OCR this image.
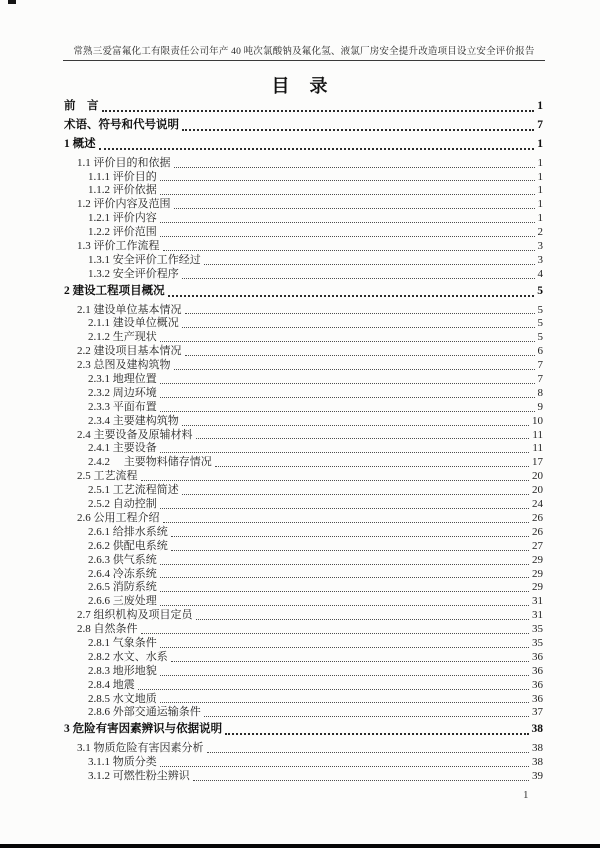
常熟三爱富氟化工有限责任公司年产 40 吨次氯酸钠及氟化氢、液氯厂房安全提升改造项目设立安全评价报告
目　录
前　言	1
术语、符号和代号说明	7
1 概述	1
1.1 评价目的和依据	1
1.1.1 评价目的	1
1.1.2 评价依据	1
1.2 评价内容及范围	1
1.2.1 评价内容	1
1.2.2 评价范围	2
1.3 评价工作流程	3
1.3.1 安全评价工作经过	3
1.3.2 安全评价程序	4
2 建设工程项目概况	5
2.1 建设单位基本情况	5
2.1.1 建设单位概况	5
2.1.2 生产现状	5
2.2 建设项目基本情况	6
2.3 总图及建构筑物	7
2.3.1 地理位置	7
2.3.2 周边环境	8
2.3.3 平面布置	9
2.3.4 主要建构筑物	10
2.4 主要设备及原辅材料	11
2.4.1 主要设备	11
2.4.2 　主要物料储存情况	17
2.5 工艺流程	20
2.5.1 工艺流程简述	20
2.5.2 自动控制	24
2.6 公用工程介绍	26
2.6.1 给排水系统	26
2.6.2 供配电系统	27
2.6.3 供气系统	29
2.6.4 冷冻系统	29
2.6.5 消防系统	29
2.6.6 三废处理	31
2.7 组织机构及项目定员	31
2.8 自然条件	35
2.8.1 气象条件	35
2.8.2 水文、水系	36
2.8.3 地形地貌	36
2.8.4 地震	36
2.8.5 水文地质	36
2.8.6 外部交通运输条件	37
3 危险有害因素辨识与依据说明	38
3.1 物质危险有害因素分析	38
3.1.1 物质分类	38
3.1.2 可燃性粉尘辨识	39
1
